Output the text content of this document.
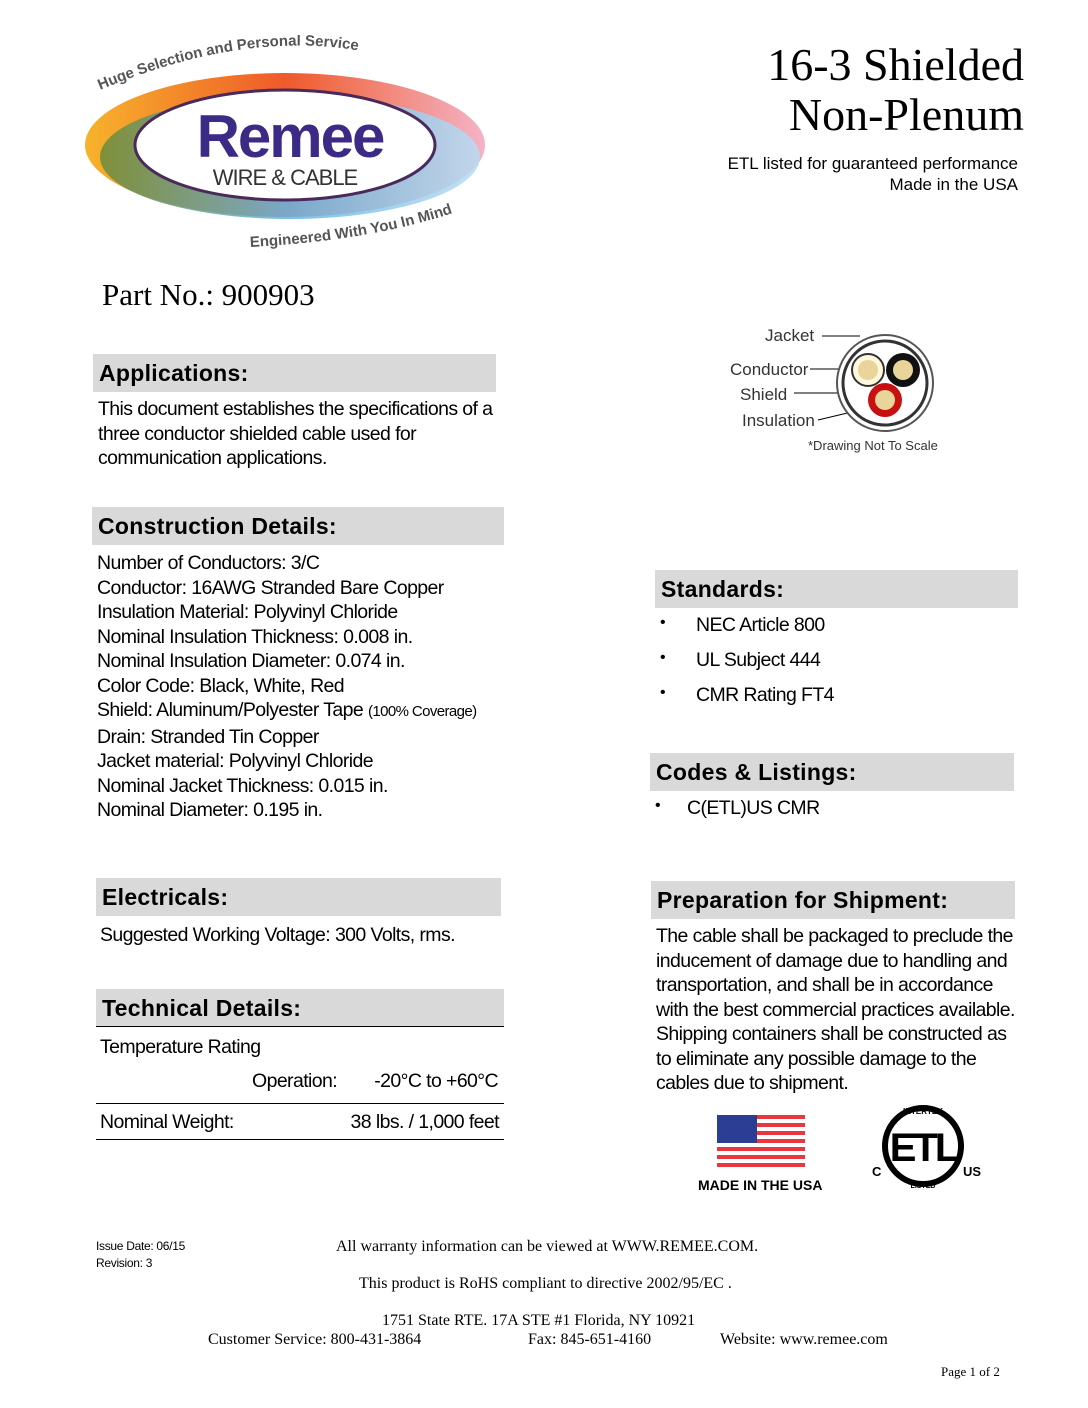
Huge Selection and Personal Service
Engineered With You In Mind
Remee
WIRE & CABLE
16-3 Shielded
Non-Plenum
ETL listed for guaranteed performance
Made in the USA
Part No.: 900903
Jacket
Conductor
Shield
Insulation
*Drawing Not To Scale
Applications:
This document establishes the specifications of a
three conductor shielded cable used for
communication applications.
Construction Details:
Number of Conductors: 3/C
Conductor: 16AWG Stranded Bare Copper
Insulation Material: Polyvinyl Chloride
Nominal Insulation Thickness: 0.008 in.
Nominal Insulation Diameter: 0.074 in.
Color Code: Black, White, Red
Shield: Aluminum/Polyester Tape (100% Coverage)
Drain: Stranded Tin Copper
Jacket material: Polyvinyl Chloride
Nominal Jacket Thickness: 0.015 in.
Nominal Diameter: 0.195 in.
Electricals:
Suggested Working Voltage: 300 Volts, rms.
Technical Details:
Temperature Rating
Operation: -20°C to +60°C
Nominal Weight:	38 lbs. / 1,000 feet
Standards:
• NEC Article 800
• UL Subject 444
• CMR Rating FT4
Codes & Listings:
• C(ETL)US CMR
Preparation for Shipment:
The cable shall be packaged to preclude the
inducement of damage due to handling and
transportation, and shall be in accordance
with the best commercial practices available.
Shipping containers shall be constructed as
to eliminate any possible damage to the
cables due to shipment.
MADE IN THE USA
ETL
INTERTEK
LISTED
C	US
Issue Date: 06/15
Revision: 3
All warranty information can be viewed at WWW.REMEE.COM.
This product is RoHS compliant to directive 2002/95/EC .
1751 State RTE. 17A STE #1 Florida, NY 10921
Customer Service: 800-431-3864	Fax: 845-651-4160	Website: www.remee.com
Page 1 of 2
